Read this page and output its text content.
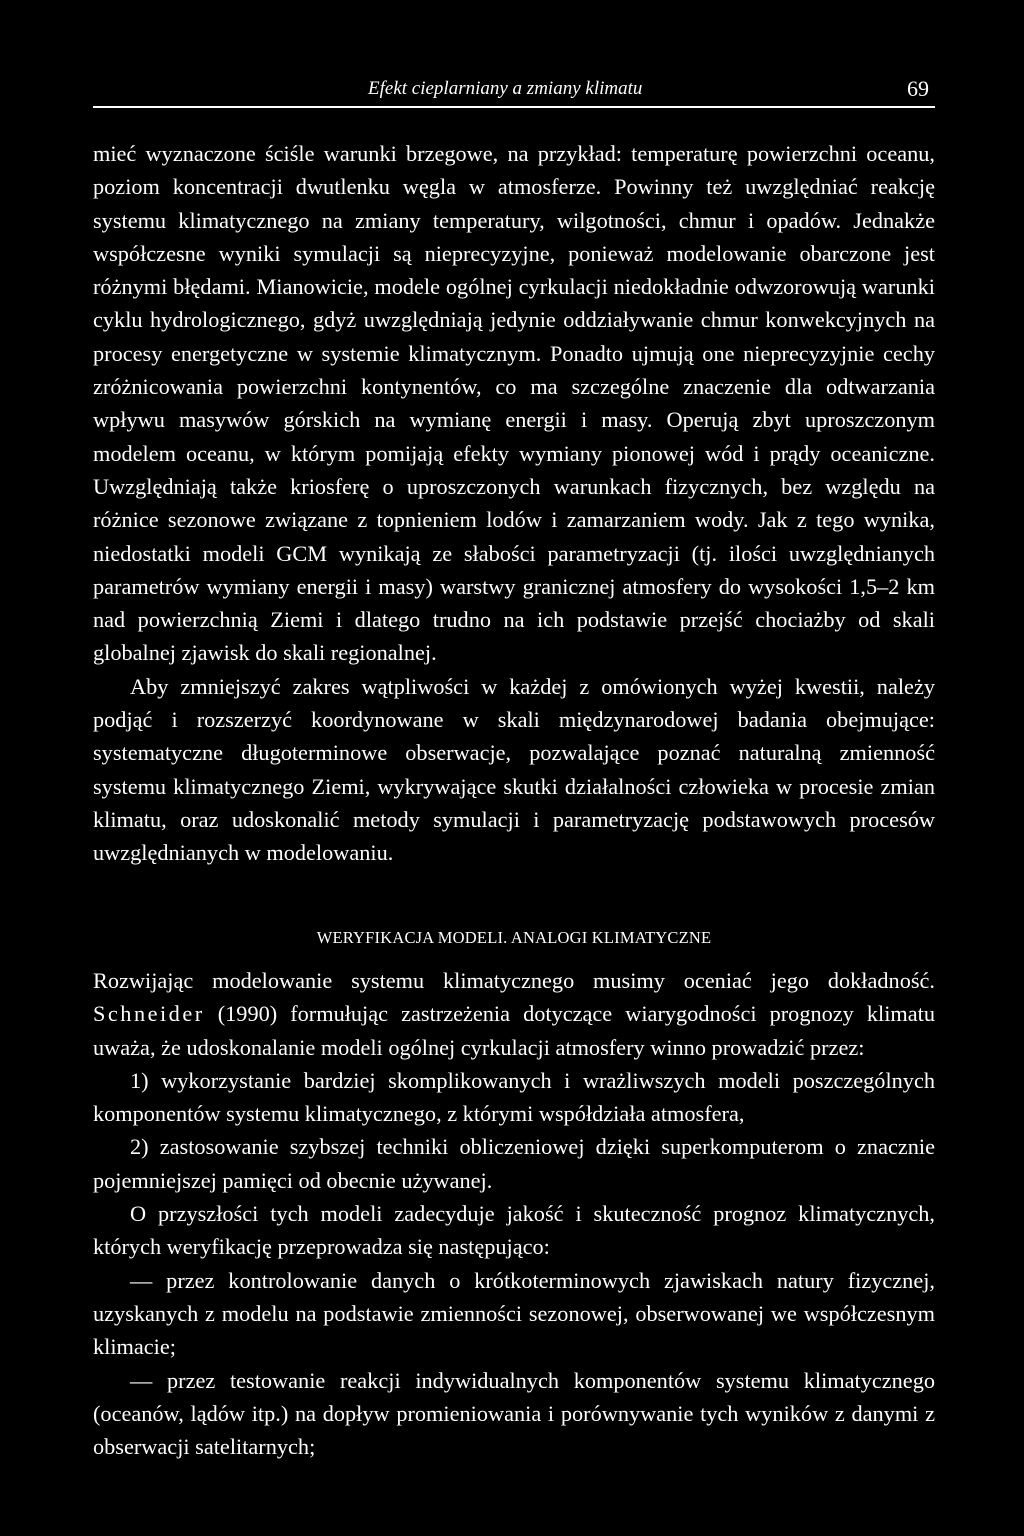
Efekt cieplarniany a zmiany klimatu	69

mieć wyznaczone ściśle warunki brzegowe, na przykład: temperaturę powierzchni oceanu, poziom koncentracji dwutlenku węgla w atmosferze. Powinny też uwzględniać reakcję systemu klimatycznego na zmiany temperatury, wilgotności, chmur i opadów. Jednakże współczesne wyniki symulacji są nieprecyzyjne, ponieważ modelowanie obarczone jest różnymi błędami. Mianowicie, modele ogólnej cyrkulacji niedokładnie odwzorowują warunki cyklu hydrologicznego, gdyż uwzględniają jedynie oddziaływanie chmur konwekcyjnych na procesy energetyczne w systemie klimatycznym. Ponadto ujmują one nieprecyzyjnie cechy zróżnicowania powierzchni kontynentów, co ma szczególne znaczenie dla odtwarzania wpływu masywów górskich na wymianę energii i masy. Operują zbyt uproszczonym modelem oceanu, w którym pomijają efekty wymiany pionowej wód i prądy oceaniczne. Uwzględniają także kriosferę o uproszczonych warunkach fizycznych, bez względu na różnice sezonowe związane z topnieniem lodów i zamarzaniem wody. Jak z tego wynika, niedostatki modeli GCM wynikają ze słabości parametryzacji (tj. ilości uwzględnianych parametrów wymiany energii i masy) warstwy granicznej atmosfery do wysokości 1,5–2 km nad powierzchnią Ziemi i dlatego trudno na ich podstawie przejść chociażby od skali globalnej zjawisk do skali regionalnej.

Aby zmniejszyć zakres wątpliwości w każdej z omówionych wyżej kwestii, należy podjąć i rozszerzyć koordynowane w skali międzynarodowej badania obejmujące: systematyczne długoterminowe obserwacje, pozwalające poznać naturalną zmienność systemu klimatycznego Ziemi, wykrywające skutki działalności człowieka w procesie zmian klimatu, oraz udoskonalić metody symulacji i parametryzację podstawowych procesów uwzględnianych w modelowaniu.

WERYFIKACJA MODELI. ANALOGI KLIMATYCZNE

Rozwijając modelowanie systemu klimatycznego musimy oceniać jego dokładność. Schneider (1990) formułując zastrzeżenia dotyczące wiarygodności prognozy klimatu uważa, że udoskonalanie modeli ogólnej cyrkulacji atmosfery winno prowadzić przez:

1) wykorzystanie bardziej skomplikowanych i wrażliwszych modeli poszczególnych komponentów systemu klimatycznego, z którymi współdziała atmosfera,

2) zastosowanie szybszej techniki obliczeniowej dzięki superkomputerom o znacznie pojemniejszej pamięci od obecnie używanej.

O przyszłości tych modeli zadecyduje jakość i skuteczność prognoz klimatycznych, których weryfikację przeprowadza się następująco:

— przez kontrolowanie danych o krótkoterminowych zjawiskach natury fizycznej, uzyskanych z modelu na podstawie zmienności sezonowej, obserwowanej we współczesnym klimacie;

— przez testowanie reakcji indywidualnych komponentów systemu klimatycznego (oceanów, lądów itp.) na dopływ promieniowania i porównywanie tych wyników z danymi z obserwacji satelitarnych;
